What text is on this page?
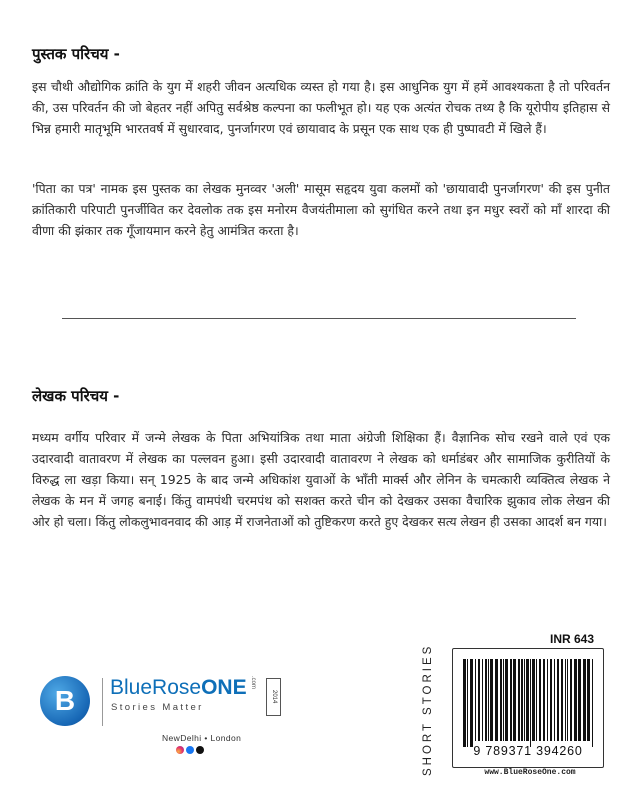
पुस्तक परिचय -
इस चौथी औद्योगिक क्रांति के युग में शहरी जीवन अत्यधिक व्यस्त हो गया है। इस आधुनिक युग में हमें आवश्यकता है तो परिवर्तन की, उस परिवर्तन की जो बेहतर नहीं अपितु सर्वश्रेष्ठ कल्पना का फलीभूत हो। यह एक अत्यंत रोचक तथ्य है कि यूरोपीय इतिहास से भिन्न हमारी मातृभूमि भारतवर्ष में सुधारवाद, पुनर्जागरण एवं छायावाद के प्रसून एक साथ एक ही पुष्पावटी में खिले हैं।
'पिता का पत्र' नामक इस पुस्तक का लेखक मुनव्वर 'अली' मासूम सहृदय युवा कलमों को 'छायावादी पुनर्जागरण' की इस पुनीत क्रांतिकारी परिपाटी पुनर्जीवित कर देवलोक तक इस मनोरम वैजयंतीमाला को सुगंधित करने तथा इन मधुर स्वरों को माँ शारदा की वीणा की झंकार तक गूँजायमान करने हेतु आमंत्रित करता है।
लेखक परिचय -
मध्यम वर्गीय परिवार में जन्मे लेखक के पिता अभियांत्रिक तथा माता अंग्रेजी शिक्षिका हैं। वैज्ञानिक सोच रखने वाले एवं एक उदारवादी वातावरण में लेखक का पल्लवन हुआ। इसी उदारवादी वातावरण ने लेखक को धर्माडंबर और सामाजिक कुरीतियों के विरुद्ध ला खड़ा किया। सन् 1925 के बाद जन्मे अधिकांश युवाओं के भाँती मार्क्स और लेनिन के चमत्कारी व्यक्तित्व लेखक ने लेखक के मन में जगह बनाई। किंतु वामपंथी चरमपंथ को सशक्त करते चीन को देखकर उसका वैचारिक झुकाव लोक लेखन की ओर हो चला। किंतु लोकलुभावनवाद की आड़ में राजनेताओं को तुष्टिकरण करते हुए देखकर सत्य लेखन ही उसका आदर्श बन गया।
B	BlueRoseONE .com
2014
Stories Matter
NewDelhi • London
INR 643
SHORT STORIES	9 789371 394260
www.BlueRoseOne.com
